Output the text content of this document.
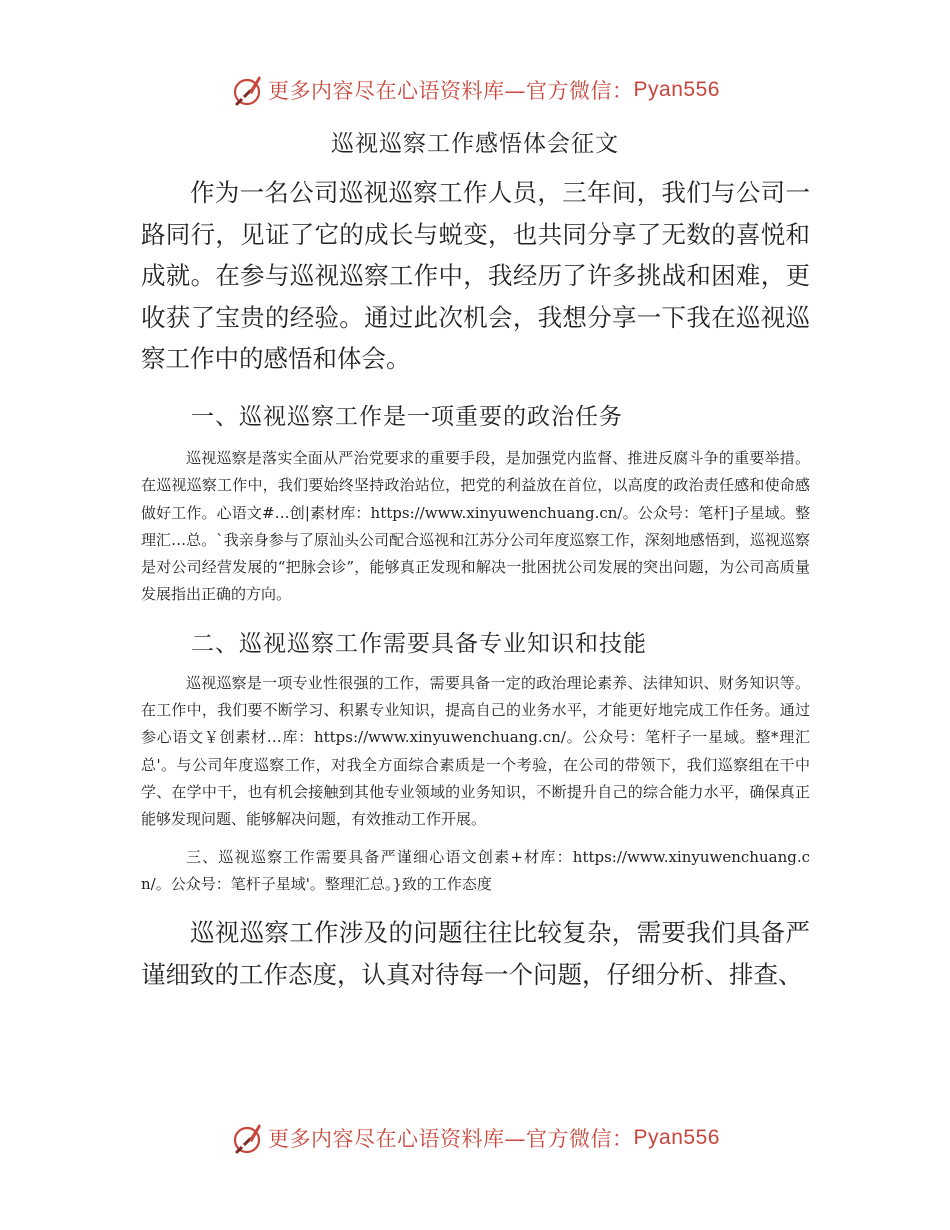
更多内容尽在心语资料库—官方微信： Pyan556
巡视巡察工作感悟体会征文

作为一名公司巡视巡察工作人员，三年间，我们与公司一路同行，见证了它的成长与蜕变，也共同分享了无数的喜悦和成就。在参与巡视巡察工作中，我经历了许多挑战和困难，更收获了宝贵的经验。通过此次机会，我想分享一下我在巡视巡察工作中的感悟和体会。

一、巡视巡察工作是一项重要的政治任务

巡视巡察是落实全面从严治党要求的重要手段，是加强党内监督、推进反腐斗争的重要举措。在巡视巡察工作中，我们要始终坚持政治站位，把党的利益放在首位，以高度的政治责任感和使命感做好工作。心语文#…创|素材库：https://www.xinyuwenchuang.cn/。公众号：笔杆]子星域。整理汇…总。`我亲身参与了原汕头公司配合巡视和江苏分公司年度巡察工作，深刻地感悟到，巡视巡察是对公司经营发展的“把脉会诊”，能够真正发现和解决一批困扰公司发展的突出问题，为公司高质量发展指出正确的方向。

二、巡视巡察工作需要具备专业知识和技能

巡视巡察是一项专业性很强的工作，需要具备一定的政治理论素养、法律知识、财务知识等。在工作中，我们要不断学习、积累专业知识，提高自己的业务水平，才能更好地完成工作任务。通过参心语文￥创素材…库：https://www.xinyuwenchuang.cn/。公众号：笔杆子一星域。整*理汇总'。与公司年度巡察工作，对我全方面综合素质是一个考验，在公司的带领下，我们巡察组在干中学、在学中干，也有机会接触到其他专业领域的业务知识，不断提升自己的综合能力水平，确保真正能够发现问题、能够解决问题，有效推动工作开展。

三、巡视巡察工作需要具备严谨细心语文创素+材库：https://www.xinyuwenchuang.cn/。公众号：笔杆子星域'。整理汇总。}致的工作态度

巡视巡察工作涉及的问题往往比较复杂，需要我们具备严谨细致的工作态度，认真对待每一个问题，仔细分析、排查、

更多内容尽在心语资料库—官方微信： Pyan556
